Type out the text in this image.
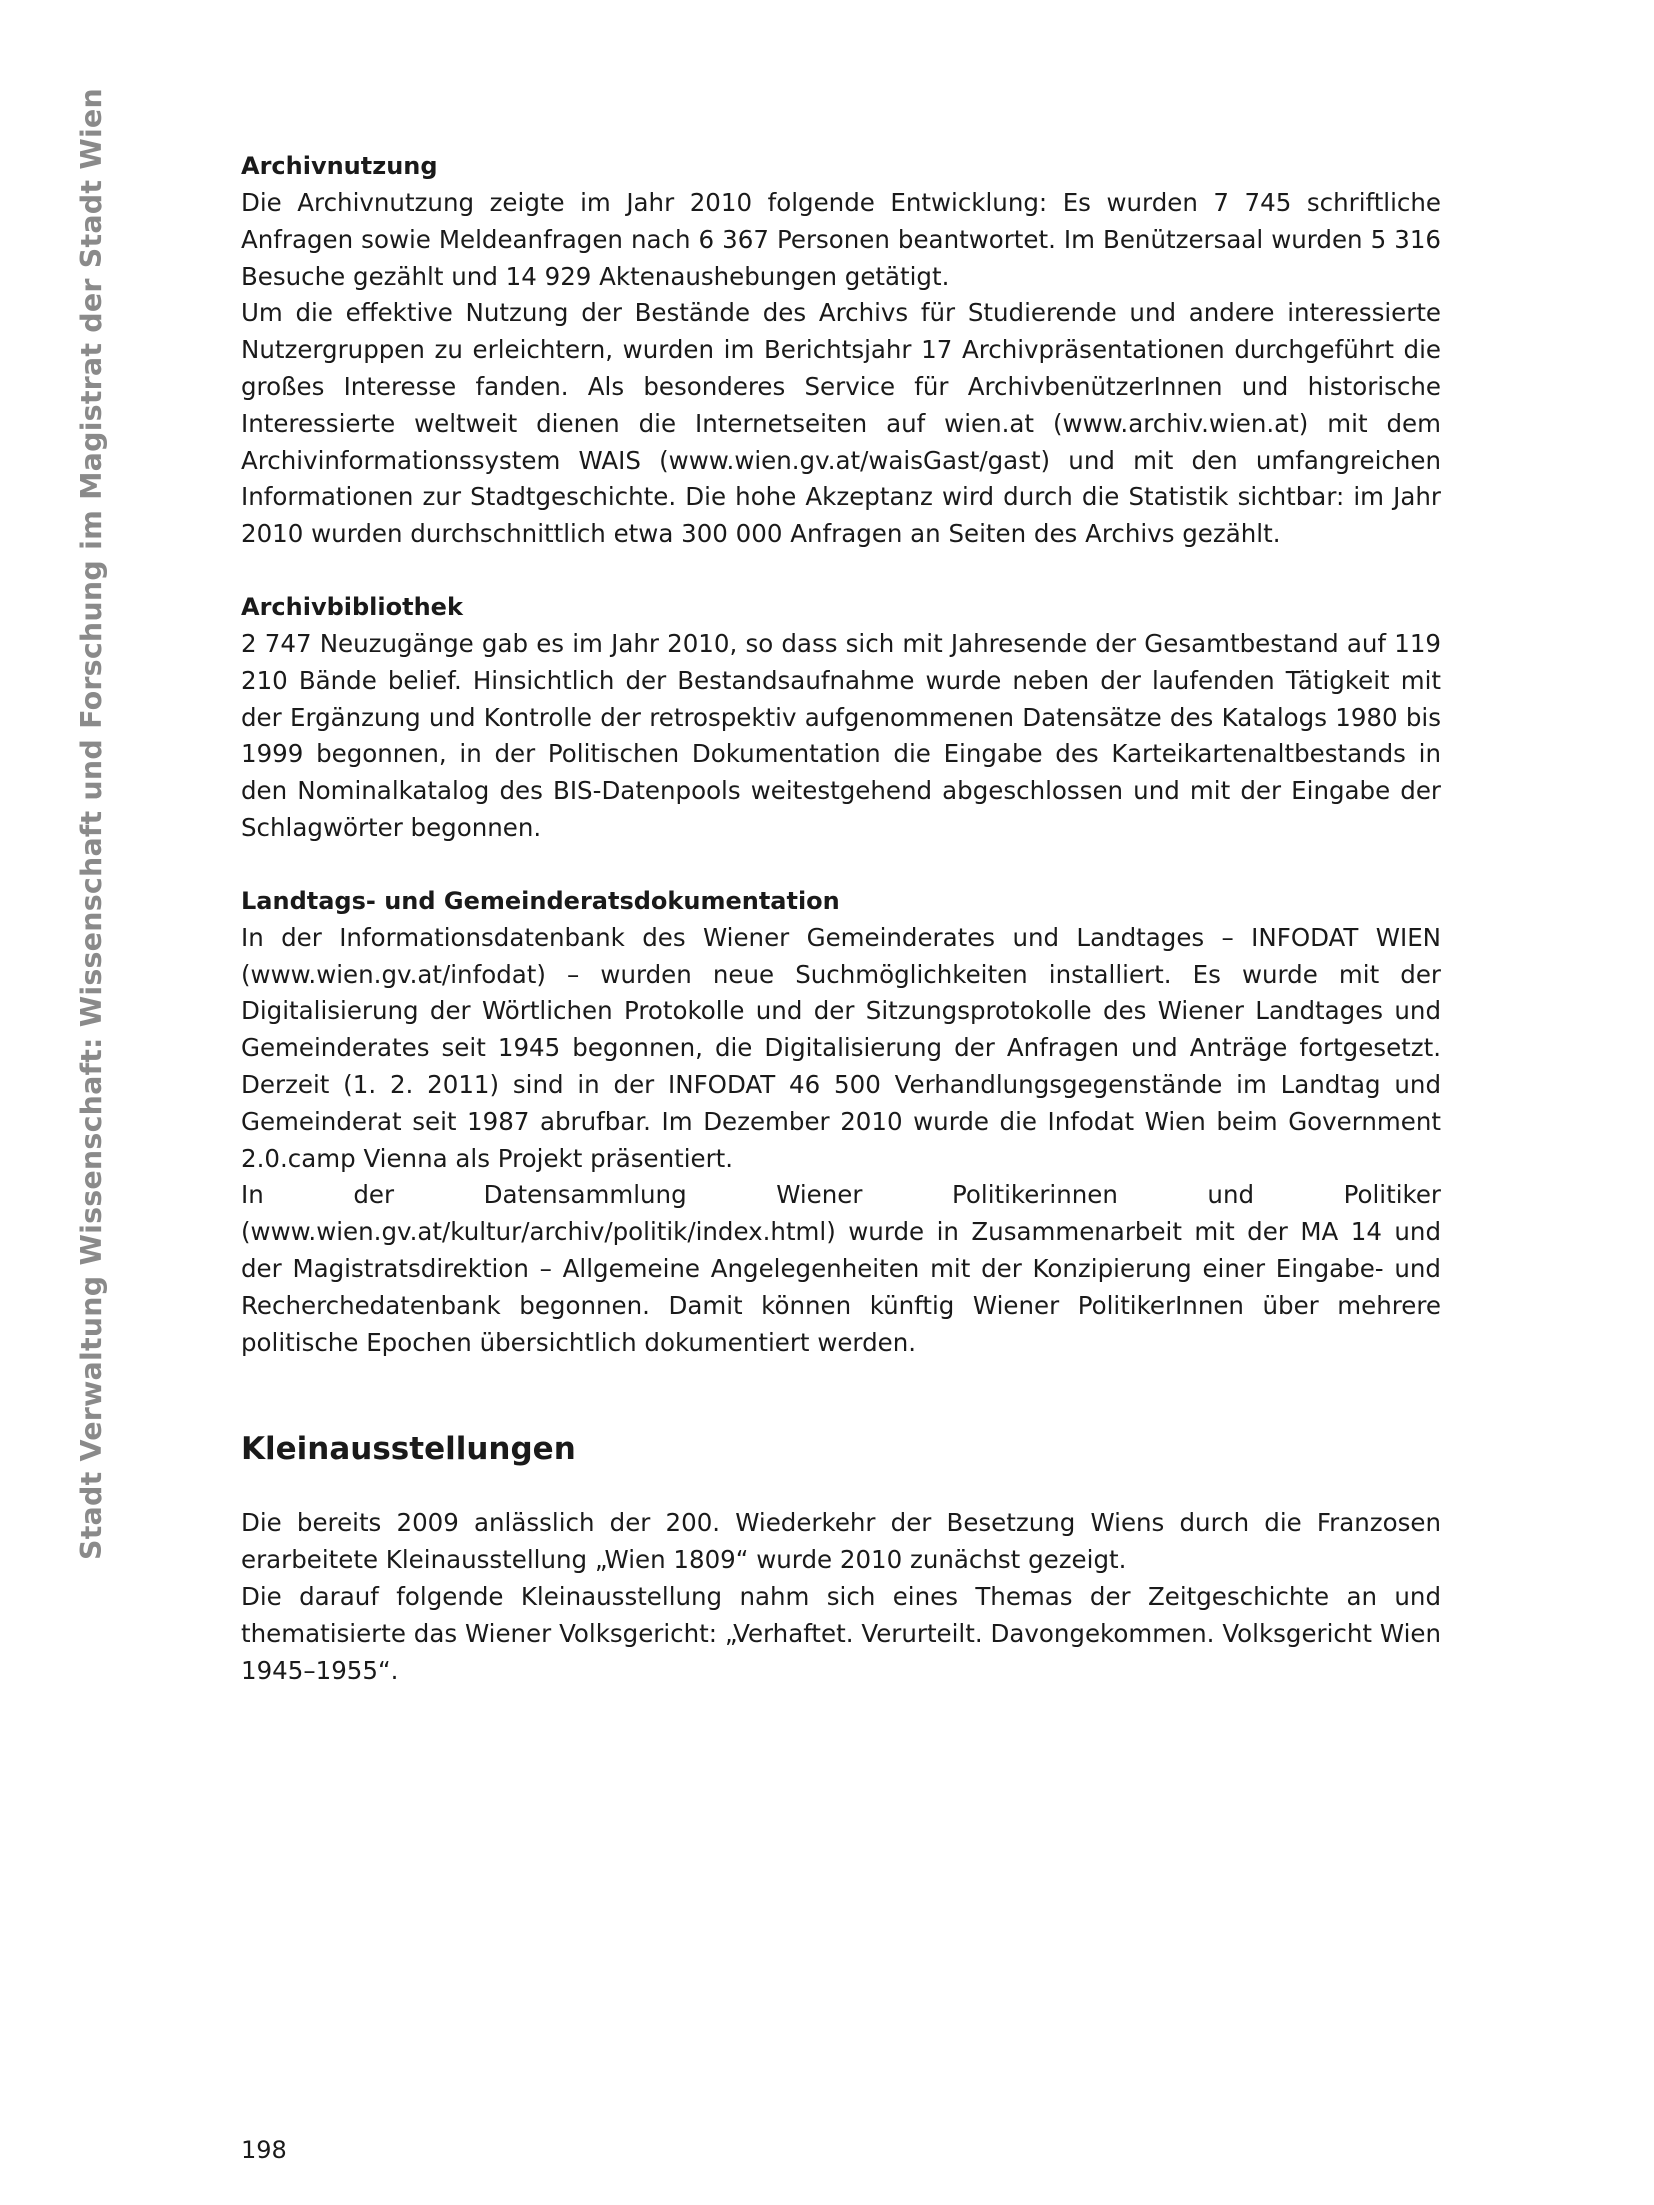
Stadt Verwaltung Wissenschaft: Wissenschaft und Forschung im Magistrat der Stadt Wien	Archivnutzung

Die Archivnutzung zeigte im Jahr 2010 folgende Entwicklung: Es wurden 7 745 schriftliche Anfragen sowie Meldeanfragen nach 6 367 Personen beantwortet. Im Benützersaal wurden 5 316 Besuche gezählt und 14 929 Aktenaushebungen getätigt.

Um die effektive Nutzung der Bestände des Archivs für Studierende und andere interessierte Nutzergruppen zu erleichtern, wurden im Berichtsjahr 17 Archivpräsentationen durchgeführt die großes Interesse fanden. Als besonderes Service für ArchivbenützerInnen und historische Interessierte weltweit dienen die Internetseiten auf wien.at (www.archiv.wien.at) mit dem Archivinformationssystem WAIS (www.wien.gv.at/waisGast/gast) und mit den umfangreichen Informationen zur Stadtgeschichte. Die hohe Akzeptanz wird durch die Statistik sichtbar: im Jahr 2010 wurden durchschnittlich etwa 300 000 Anfragen an Seiten des Archivs gezählt.

Archivbibliothek

2 747 Neuzugänge gab es im Jahr 2010, so dass sich mit Jahresende der Gesamtbestand auf 119 210 Bände belief. Hinsichtlich der Bestandsaufnahme wurde neben der laufenden Tätigkeit mit der Ergänzung und Kontrolle der retrospektiv aufgenommenen Datensätze des Katalogs 1980 bis 1999 begonnen, in der Politischen Dokumentation die Eingabe des Karteikartenaltbestands in den Nominalkatalog des BIS-Datenpools weitestgehend abgeschlossen und mit der Eingabe der Schlagwörter begonnen.

Landtags- und Gemeinderatsdokumentation

In der Informationsdatenbank des Wiener Gemeinderates und Landtages – INFODAT WIEN (www.wien.gv.at/infodat) – wurden neue Suchmöglichkeiten installiert. Es wurde mit der Digitalisierung der Wörtlichen Protokolle und der Sitzungsprotokolle des Wiener Landtages und Gemeinderates seit 1945 begonnen, die Digitalisierung der Anfragen und Anträge fortgesetzt. Derzeit (1. 2. 2011) sind in der INFODAT 46 500 Verhandlungsgegenstände im Landtag und Gemeinderat seit 1987 abrufbar. Im Dezember 2010 wurde die Infodat Wien beim Government 2.0.camp Vienna als Projekt präsentiert.

In der Datensammlung Wiener Politikerinnen und Politiker (www.wien.gv.at/kultur/archiv/politik/index.html) wurde in Zusammenarbeit mit der MA 14 und der Magistratsdirektion – Allgemeine Angelegenheiten mit der Konzipierung einer Eingabe- und Recherchedatenbank begonnen. Damit können künftig Wiener PolitikerInnen über mehrere politische Epochen übersichtlich dokumentiert werden.

Kleinausstellungen

Die bereits 2009 anlässlich der 200. Wiederkehr der Besetzung Wiens durch die Franzosen erarbeitete Kleinausstellung „Wien 1809“ wurde 2010 zunächst gezeigt.

Die darauf folgende Kleinausstellung nahm sich eines Themas der Zeitgeschichte an und thematisierte das Wiener Volksgericht: „Verhaftet. Verurteilt. Davongekommen. Volksgericht Wien 1945–1955“.

198
